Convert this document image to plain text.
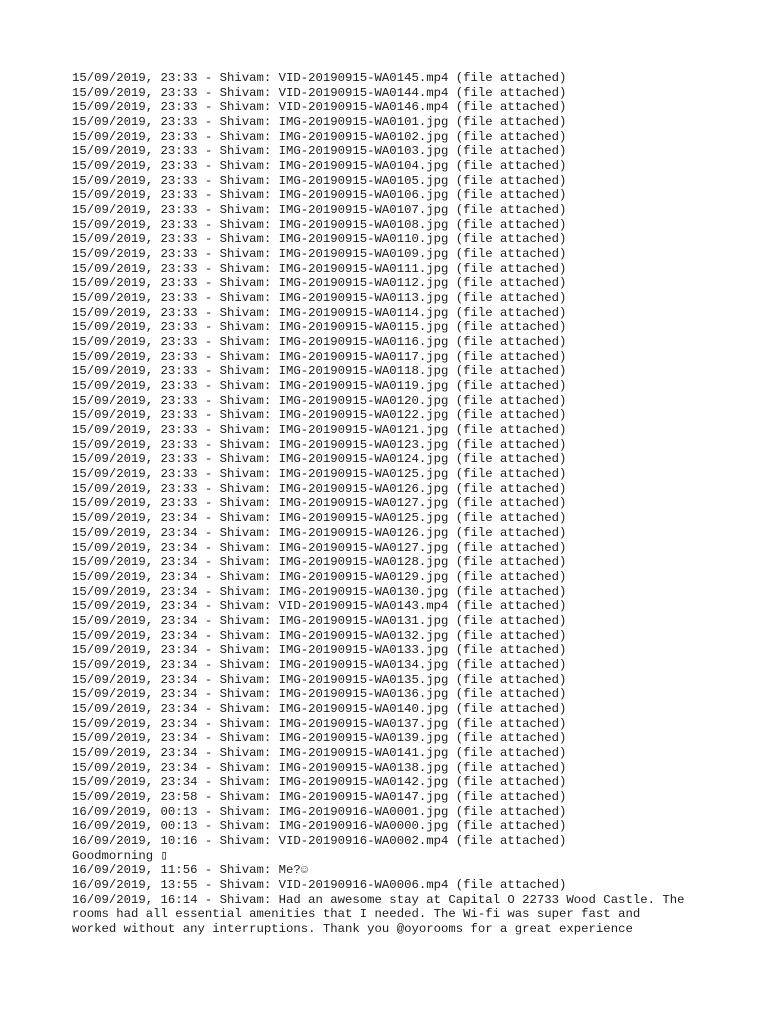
15/09/2019, 23:33 - Shivam: VID-20190915-WA0145.mp4 (file attached)
15/09/2019, 23:33 - Shivam: VID-20190915-WA0144.mp4 (file attached)
15/09/2019, 23:33 - Shivam: VID-20190915-WA0146.mp4 (file attached)
15/09/2019, 23:33 - Shivam: IMG-20190915-WA0101.jpg (file attached)
15/09/2019, 23:33 - Shivam: IMG-20190915-WA0102.jpg (file attached)
15/09/2019, 23:33 - Shivam: IMG-20190915-WA0103.jpg (file attached)
15/09/2019, 23:33 - Shivam: IMG-20190915-WA0104.jpg (file attached)
15/09/2019, 23:33 - Shivam: IMG-20190915-WA0105.jpg (file attached)
15/09/2019, 23:33 - Shivam: IMG-20190915-WA0106.jpg (file attached)
15/09/2019, 23:33 - Shivam: IMG-20190915-WA0107.jpg (file attached)
15/09/2019, 23:33 - Shivam: IMG-20190915-WA0108.jpg (file attached)
15/09/2019, 23:33 - Shivam: IMG-20190915-WA0110.jpg (file attached)
15/09/2019, 23:33 - Shivam: IMG-20190915-WA0109.jpg (file attached)
15/09/2019, 23:33 - Shivam: IMG-20190915-WA0111.jpg (file attached)
15/09/2019, 23:33 - Shivam: IMG-20190915-WA0112.jpg (file attached)
15/09/2019, 23:33 - Shivam: IMG-20190915-WA0113.jpg (file attached)
15/09/2019, 23:33 - Shivam: IMG-20190915-WA0114.jpg (file attached)
15/09/2019, 23:33 - Shivam: IMG-20190915-WA0115.jpg (file attached)
15/09/2019, 23:33 - Shivam: IMG-20190915-WA0116.jpg (file attached)
15/09/2019, 23:33 - Shivam: IMG-20190915-WA0117.jpg (file attached)
15/09/2019, 23:33 - Shivam: IMG-20190915-WA0118.jpg (file attached)
15/09/2019, 23:33 - Shivam: IMG-20190915-WA0119.jpg (file attached)
15/09/2019, 23:33 - Shivam: IMG-20190915-WA0120.jpg (file attached)
15/09/2019, 23:33 - Shivam: IMG-20190915-WA0122.jpg (file attached)
15/09/2019, 23:33 - Shivam: IMG-20190915-WA0121.jpg (file attached)
15/09/2019, 23:33 - Shivam: IMG-20190915-WA0123.jpg (file attached)
15/09/2019, 23:33 - Shivam: IMG-20190915-WA0124.jpg (file attached)
15/09/2019, 23:33 - Shivam: IMG-20190915-WA0125.jpg (file attached)
15/09/2019, 23:33 - Shivam: IMG-20190915-WA0126.jpg (file attached)
15/09/2019, 23:33 - Shivam: IMG-20190915-WA0127.jpg (file attached)
15/09/2019, 23:34 - Shivam: IMG-20190915-WA0125.jpg (file attached)
15/09/2019, 23:34 - Shivam: IMG-20190915-WA0126.jpg (file attached)
15/09/2019, 23:34 - Shivam: IMG-20190915-WA0127.jpg (file attached)
15/09/2019, 23:34 - Shivam: IMG-20190915-WA0128.jpg (file attached)
15/09/2019, 23:34 - Shivam: IMG-20190915-WA0129.jpg (file attached)
15/09/2019, 23:34 - Shivam: IMG-20190915-WA0130.jpg (file attached)
15/09/2019, 23:34 - Shivam: VID-20190915-WA0143.mp4 (file attached)
15/09/2019, 23:34 - Shivam: IMG-20190915-WA0131.jpg (file attached)
15/09/2019, 23:34 - Shivam: IMG-20190915-WA0132.jpg (file attached)
15/09/2019, 23:34 - Shivam: IMG-20190915-WA0133.jpg (file attached)
15/09/2019, 23:34 - Shivam: IMG-20190915-WA0134.jpg (file attached)
15/09/2019, 23:34 - Shivam: IMG-20190915-WA0135.jpg (file attached)
15/09/2019, 23:34 - Shivam: IMG-20190915-WA0136.jpg (file attached)
15/09/2019, 23:34 - Shivam: IMG-20190915-WA0140.jpg (file attached)
15/09/2019, 23:34 - Shivam: IMG-20190915-WA0137.jpg (file attached)
15/09/2019, 23:34 - Shivam: IMG-20190915-WA0139.jpg (file attached)
15/09/2019, 23:34 - Shivam: IMG-20190915-WA0141.jpg (file attached)
15/09/2019, 23:34 - Shivam: IMG-20190915-WA0138.jpg (file attached)
15/09/2019, 23:34 - Shivam: IMG-20190915-WA0142.jpg (file attached)
15/09/2019, 23:58 - Shivam: IMG-20190915-WA0147.jpg (file attached)
16/09/2019, 00:13 - Shivam: IMG-20190916-WA0001.jpg (file attached)
16/09/2019, 00:13 - Shivam: IMG-20190916-WA0000.jpg (file attached)
16/09/2019, 10:16 - Shivam: VID-20190916-WA0002.mp4 (file attached)
Goodmorning ▯
16/09/2019, 11:56 - Shivam: Me?☺
16/09/2019, 13:55 - Shivam: VID-20190916-WA0006.mp4 (file attached)
16/09/2019, 16:14 - Shivam: Had an awesome stay at Capital O 22733 Wood Castle. The
rooms had all essential amenities that I needed. The Wi-fi was super fast and
worked without any interruptions. Thank you @oyorooms for a great experience
